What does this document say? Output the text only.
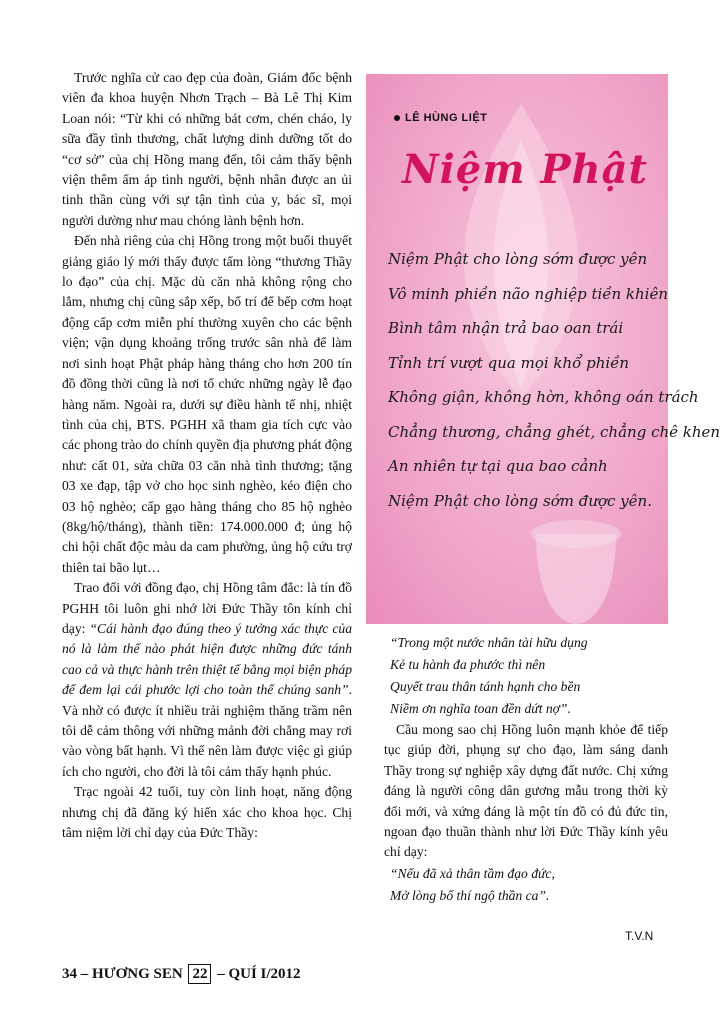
Trước nghĩa cử cao đẹp của đoàn, Giám đốc bệnh viên đa khoa huyện Nhơn Trạch – Bà Lê Thị Kim Loan nói: “Từ khi có những bát cơm, chén cháo, ly sữa đầy tình thương, chất lượng dinh dưỡng tốt do “cơ sở” của chị Hồng mang đến, tôi cảm thấy bệnh viện thêm ấm áp tình người, bệnh nhân được an ủi tinh thần cùng với sự tận tình của y, bác sĩ, mọi người dường như mau chóng lành bệnh hơn.

Đến nhà riêng của chị Hồng trong một buổi thuyết giảng giáo lý mới thấy được tấm lòng “thương Thầy lo đạo” của chị. Mặc dù căn nhà không rộng cho lắm, nhưng chị cũng sắp xếp, bố trí để bếp cơm hoạt động cấp cơm miễn phí thường xuyên cho các bệnh viện; vận dụng khoảng trống trước sân nhà để làm nơi sinh hoạt Phật pháp hàng tháng cho hơn 200 tín đồ đồng thời cũng là nơi tổ chức những ngày lễ đạo hàng năm. Ngoài ra, dưới sự điều hành tế nhị, nhiệt tình của chị, BTS. PGHH xã tham gia tích cực vào các phong trào do chính quyền địa phương phát động như: cất 01, sửa chữa 03 căn nhà tình thương; tặng 03 xe đạp, tập vở cho học sinh nghèo, kéo điện cho 03 hộ nghèo; cấp gạo hàng tháng cho 85 hộ nghèo (8kg/hộ/tháng), thành tiền: 174.000.000 đ; ủng hộ chi hội chất độc màu da cam phường, ủng hộ cứu trợ thiên tai bão lụt…

Trao đổi với đồng đạo, chị Hồng tâm đắc: là tín đồ PGHH tôi luôn ghi nhớ lời Đức Thầy tôn kính chỉ dạy: “Cái hành đạo đúng theo ý tưởng xác thực của nó là làm thế nào phát hiện được những đức tánh cao cả và thực hành trên thiệt tế bằng mọi biện pháp để đem lại cái phước lợi cho toàn thể chúng sanh”. Và nhờ có được ít nhiều trải nghiệm thăng trầm nên tôi dễ cảm thông với những mảnh đời chẳng may rơi vào vòng bất hạnh. Vì thế nên làm được việc gì giúp ích cho người, cho đời là tôi cảm thấy hạnh phúc.

Trạc ngoài 42 tuổi, tuy còn linh hoạt, năng động nhưng chị đã đăng ký hiến xác cho khoa học. Chị tâm niệm lời chỉ dạy của Đức Thầy:

LÊ HÙNG LIỆT
Niệm Phật
Niệm Phật cho lòng sớm được yên
Vô minh phiền não nghiệp tiền khiên
Bình tâm nhận trả bao oan trái
Tỉnh trí vượt qua mọi khổ phiền
Không giận, không hờn, không oán trách
Chẳng thương, chẳng ghét, chẳng chê khen
An nhiên tự tại qua bao cảnh
Niệm Phật cho lòng sớm được yên.

“Trong một nước nhân tài hữu dụng

Kẻ tu hành đa phước thì nên

Quyết trau thân tánh hạnh cho bền

Niềm ơn nghĩa toan đền dứt nợ”.

Cầu mong sao chị Hồng luôn mạnh khỏe để tiếp tục giúp đời, phụng sự cho đạo, làm sáng danh Thầy trong sự nghiệp xây dựng đất nước. Chị xứng đáng là người công dân gương mẫu trong thời kỳ đổi mới, và xứng đáng là một tín đồ có đủ đức tin, ngoan đạo thuần thành như lời Đức Thầy kính yêu chỉ dạy:

“Nếu đã xả thân tầm đạo đức,

Mở lòng bố thí ngộ thần ca”.

T.V.N
34 – HƯƠNG SEN 22 – QUÍ I/2012
